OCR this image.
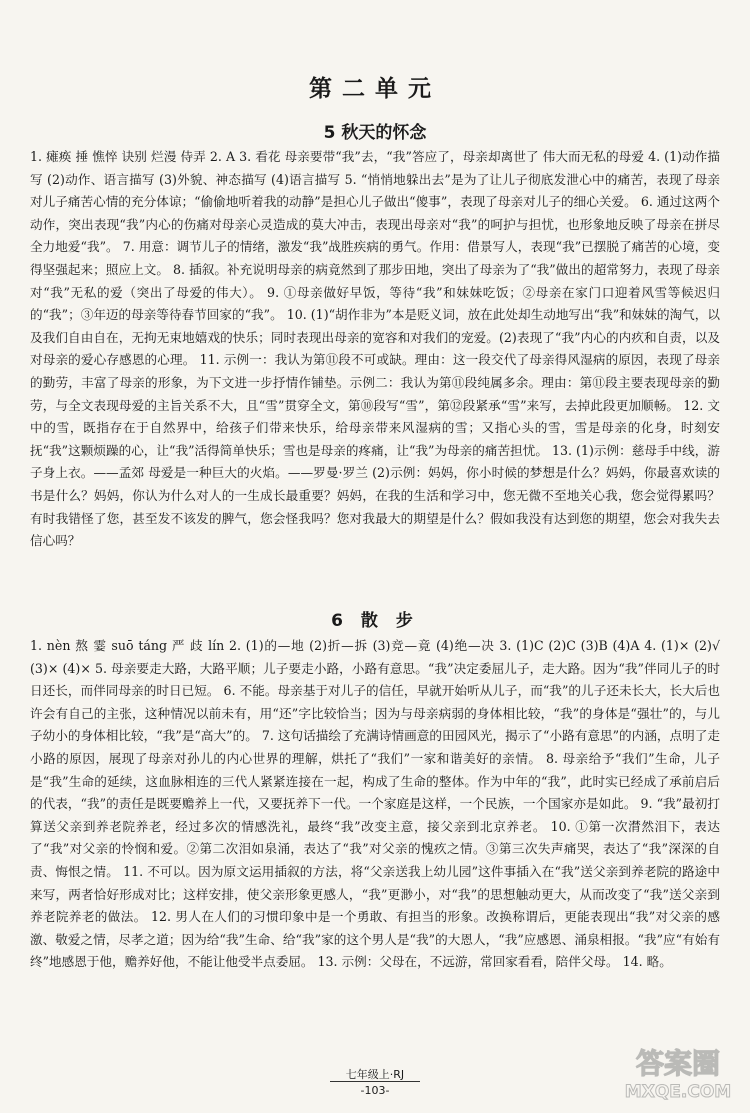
第二单元
5 秋天的怀念
1. 瘫痪 捶 憔悴 诀别 烂漫 侍弄 2. A 3. 看花 母亲要带“我”去，“我”答应了，母亲却离世了 伟大而无私的母爱 4. (1)动作描写 (2)动作、语言描写 (3)外貌、神态描写 (4)语言描写 5. “悄悄地躲出去”是为了让儿子彻底发泄心中的痛苦，表现了母亲对儿子痛苦心情的充分体谅；“偷偷地听着我的动静”是担心儿子做出“傻事”，表现了母亲对儿子的细心关爱。 6. 通过这两个动作，突出表现“我”内心的伤痛对母亲心灵造成的莫大冲击，表现出母亲对“我”的呵护与担忧，也形象地反映了母亲在拼尽全力地爱“我”。 7. 用意：调节儿子的情绪，激发“我”战胜疾病的勇气。作用：借景写人，表现“我”已摆脱了痛苦的心境，变得坚强起来；照应上文。 8. 插叙。补充说明母亲的病竟然到了那步田地，突出了母亲为了“我”做出的超常努力，表现了母亲对“我”无私的爱（突出了母爱的伟大）。 9. ①母亲做好早饭，等待“我”和妹妹吃饭；②母亲在家门口迎着风雪等候迟归的“我”；③年迈的母亲等待春节回家的“我”。 10. (1)“胡作非为”本是贬义词，放在此处却生动地写出“我”和妹妹的淘气，以及我们自由自在，无拘无束地嬉戏的快乐；同时表现出母亲的宽容和对我们的宠爱。(2)表现了“我”内心的内疚和自责，以及对母亲的爱心存感恩的心理。 11. 示例一：我认为第⑪段不可或缺。理由：这一段交代了母亲得风湿病的原因，表现了母亲的勤劳，丰富了母亲的形象，为下文进一步抒情作铺垫。示例二：我认为第⑪段纯属多余。理由：第⑪段主要表现母亲的勤劳，与全文表现母爱的主旨关系不大，且“雪”贯穿全文，第⑩段写“雪”，第⑫段紧承“雪”来写，去掉此段更加顺畅。 12. 文中的雪，既指存在于自然界中，给孩子们带来快乐，给母亲带来风湿病的雪；又指心头的雪，雪是母亲的化身，时刻安抚“我”这颗烦躁的心，让“我”活得简单快乐；雪也是母亲的疼痛，让“我”为母亲的痛苦担忧。 13. (1)示例：慈母手中线，游子身上衣。——孟郊 母爱是一种巨大的火焰。——罗曼·罗兰 (2)示例：妈妈，你小时候的梦想是什么？妈妈，你最喜欢读的书是什么？妈妈，你认为什么对人的一生成长最重要？妈妈，在我的生活和学习中，您无微不至地关心我，您会觉得累吗？有时我错怪了您，甚至发不该发的脾气，您会怪我吗？您对我最大的期望是什么？假如我没有达到您的期望，您会对我失去信心吗？
6 散 步
1. nèn 熬 霎 suō táng 严 歧 lín 2. (1)的—地 (2)折—拆 (3)竞—竟 (4)绝—决 3. (1)C (2)C (3)B (4)A 4. (1)× (2)√ (3)× (4)× 5. 母亲要走大路，大路平顺；儿子要走小路，小路有意思。“我”决定委屈儿子，走大路。因为“我”伴同儿子的时日还长，而伴同母亲的时日已短。 6. 不能。母亲基于对儿子的信任，早就开始听从儿子，而“我”的儿子还未长大，长大后也许会有自己的主张，这种情况以前未有，用“还”字比较恰当；因为与母亲病弱的身体相比较，“我”的身体是“强壮”的，与儿子幼小的身体相比较，“我”是“高大”的。 7. 这句话描绘了充满诗情画意的田园风光，揭示了“小路有意思”的内涵，点明了走小路的原因，展现了母亲对孙儿的内心世界的理解，烘托了“我们”一家和谐美好的亲情。 8. 母亲给予“我们”生命，儿子是“我”生命的延续，这血脉相连的三代人紧紧连接在一起，构成了生命的整体。作为中年的“我”，此时实已经成了承前启后的代表，“我”的责任是既要赡养上一代，又要抚养下一代。一个家庭是这样，一个民族，一个国家亦是如此。 9. “我”最初打算送父亲到养老院养老，经过多次的情感洗礼，最终“我”改变主意，接父亲到北京养老。 10. ①第一次潸然泪下，表达了“我”对父亲的怜悯和爱。②第二次泪如泉涌，表达了“我”对父亲的愧疚之情。③第三次失声痛哭，表达了“我”深深的自责、悔恨之情。 11. 不可以。因为原文运用插叙的方法，将“父亲送我上幼儿园”这件事插入在“我”送父亲到养老院的路途中来写，两者恰好形成对比；这样安排，使父亲形象更感人，“我”更渺小，对“我”的思想触动更大，从而改变了“我”送父亲到养老院养老的做法。 12. 男人在人们的习惯印象中是一个勇敢、有担当的形象。改换称谓后，更能表现出“我”对父亲的感激、敬爱之情，尽孝之道；因为给“我”生命、给“我”家的这个男人是“我”的大恩人，“我”应感恩、涌泉相报。“我”应“有始有终”地感恩于他，赡养好他，不能让他受半点委屈。 13. 示例：父母在，不远游，常回家看看，陪伴父母。 14. 略。
七年级上·RJ
-103-
答案圈
MXQE.COM
